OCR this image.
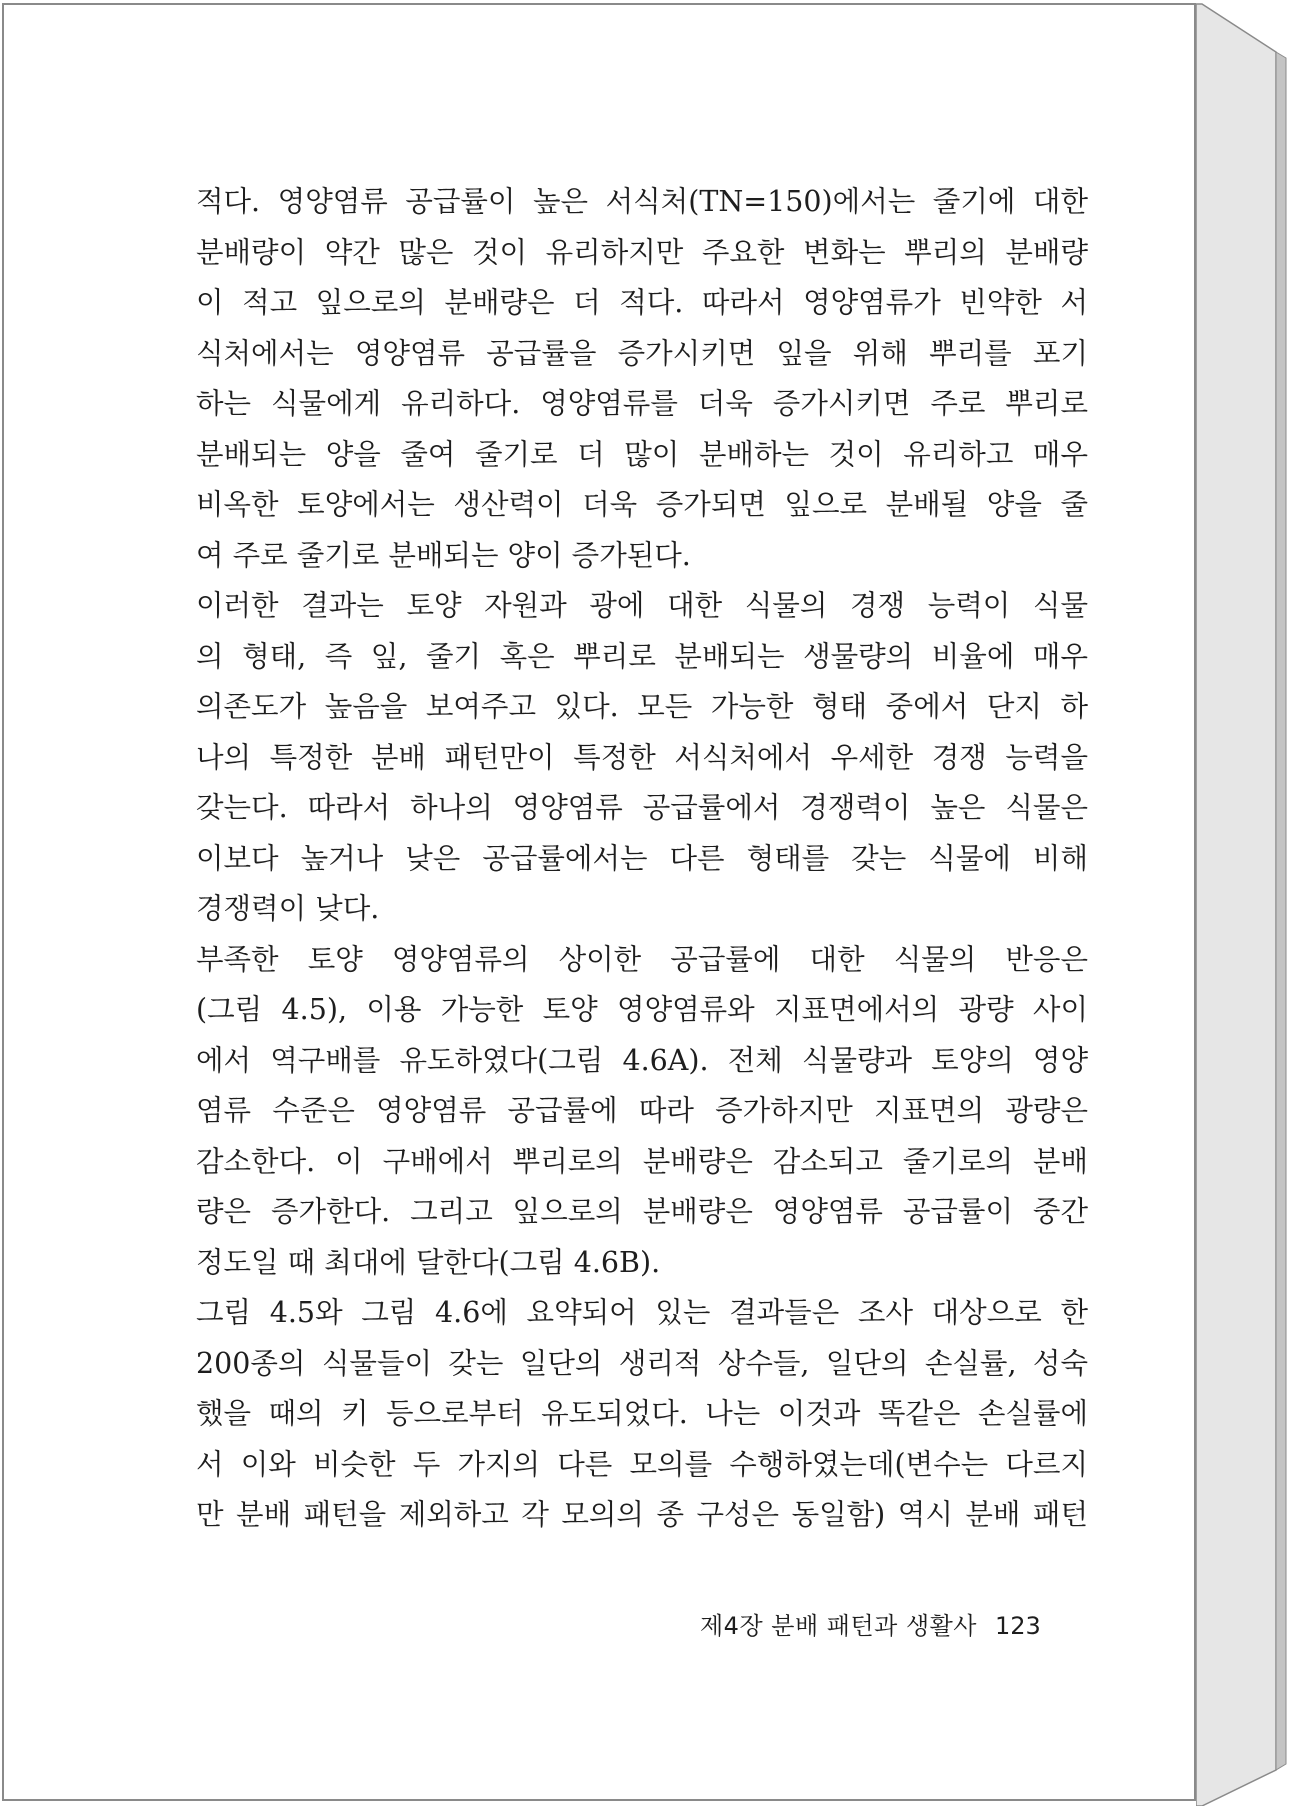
적다. 영양염류 공급률이 높은 서식처(TN=150)에서는 줄기에 대한
분배량이 약간 많은 것이 유리하지만 주요한 변화는 뿌리의 분배량
이 적고 잎으로의 분배량은 더 적다. 따라서 영양염류가 빈약한 서
식처에서는 영양염류 공급률을 증가시키면 잎을 위해 뿌리를 포기
하는 식물에게 유리하다. 영양염류를 더욱 증가시키면 주로 뿌리로
분배되는 양을 줄여 줄기로 더 많이 분배하는 것이 유리하고 매우
비옥한 토양에서는 생산력이 더욱 증가되면 잎으로 분배될 양을 줄
여 주로 줄기로 분배되는 양이 증가된다.
이러한 결과는 토양 자원과 광에 대한 식물의 경쟁 능력이 식물
의 형태, 즉 잎, 줄기 혹은 뿌리로 분배되는 생물량의 비율에 매우
의존도가 높음을 보여주고 있다. 모든 가능한 형태 중에서 단지 하
나의 특정한 분배 패턴만이 특정한 서식처에서 우세한 경쟁 능력을
갖는다. 따라서 하나의 영양염류 공급률에서 경쟁력이 높은 식물은
이보다 높거나 낮은 공급률에서는 다른 형태를 갖는 식물에 비해
경쟁력이 낮다.
부족한 토양 영양염류의 상이한 공급률에 대한 식물의 반응은
(그림 4.5), 이용 가능한 토양 영양염류와 지표면에서의 광량 사이
에서 역구배를 유도하였다(그림 4.6A). 전체 식물량과 토양의 영양
염류 수준은 영양염류 공급률에 따라 증가하지만 지표면의 광량은
감소한다. 이 구배에서 뿌리로의 분배량은 감소되고 줄기로의 분배
량은 증가한다. 그리고 잎으로의 분배량은 영양염류 공급률이 중간
정도일 때 최대에 달한다(그림 4.6B).
그림 4.5와 그림 4.6에 요약되어 있는 결과들은 조사 대상으로 한
200종의 식물들이 갖는 일단의 생리적 상수들, 일단의 손실률, 성숙
했을 때의 키 등으로부터 유도되었다. 나는 이것과 똑같은 손실률에
서 이와 비슷한 두 가지의 다른 모의를 수행하였는데(변수는 다르지
만 분배 패턴을 제외하고 각 모의의 종 구성은 동일함) 역시 분배 패턴
제4장 분배 패턴과 생활사 123
